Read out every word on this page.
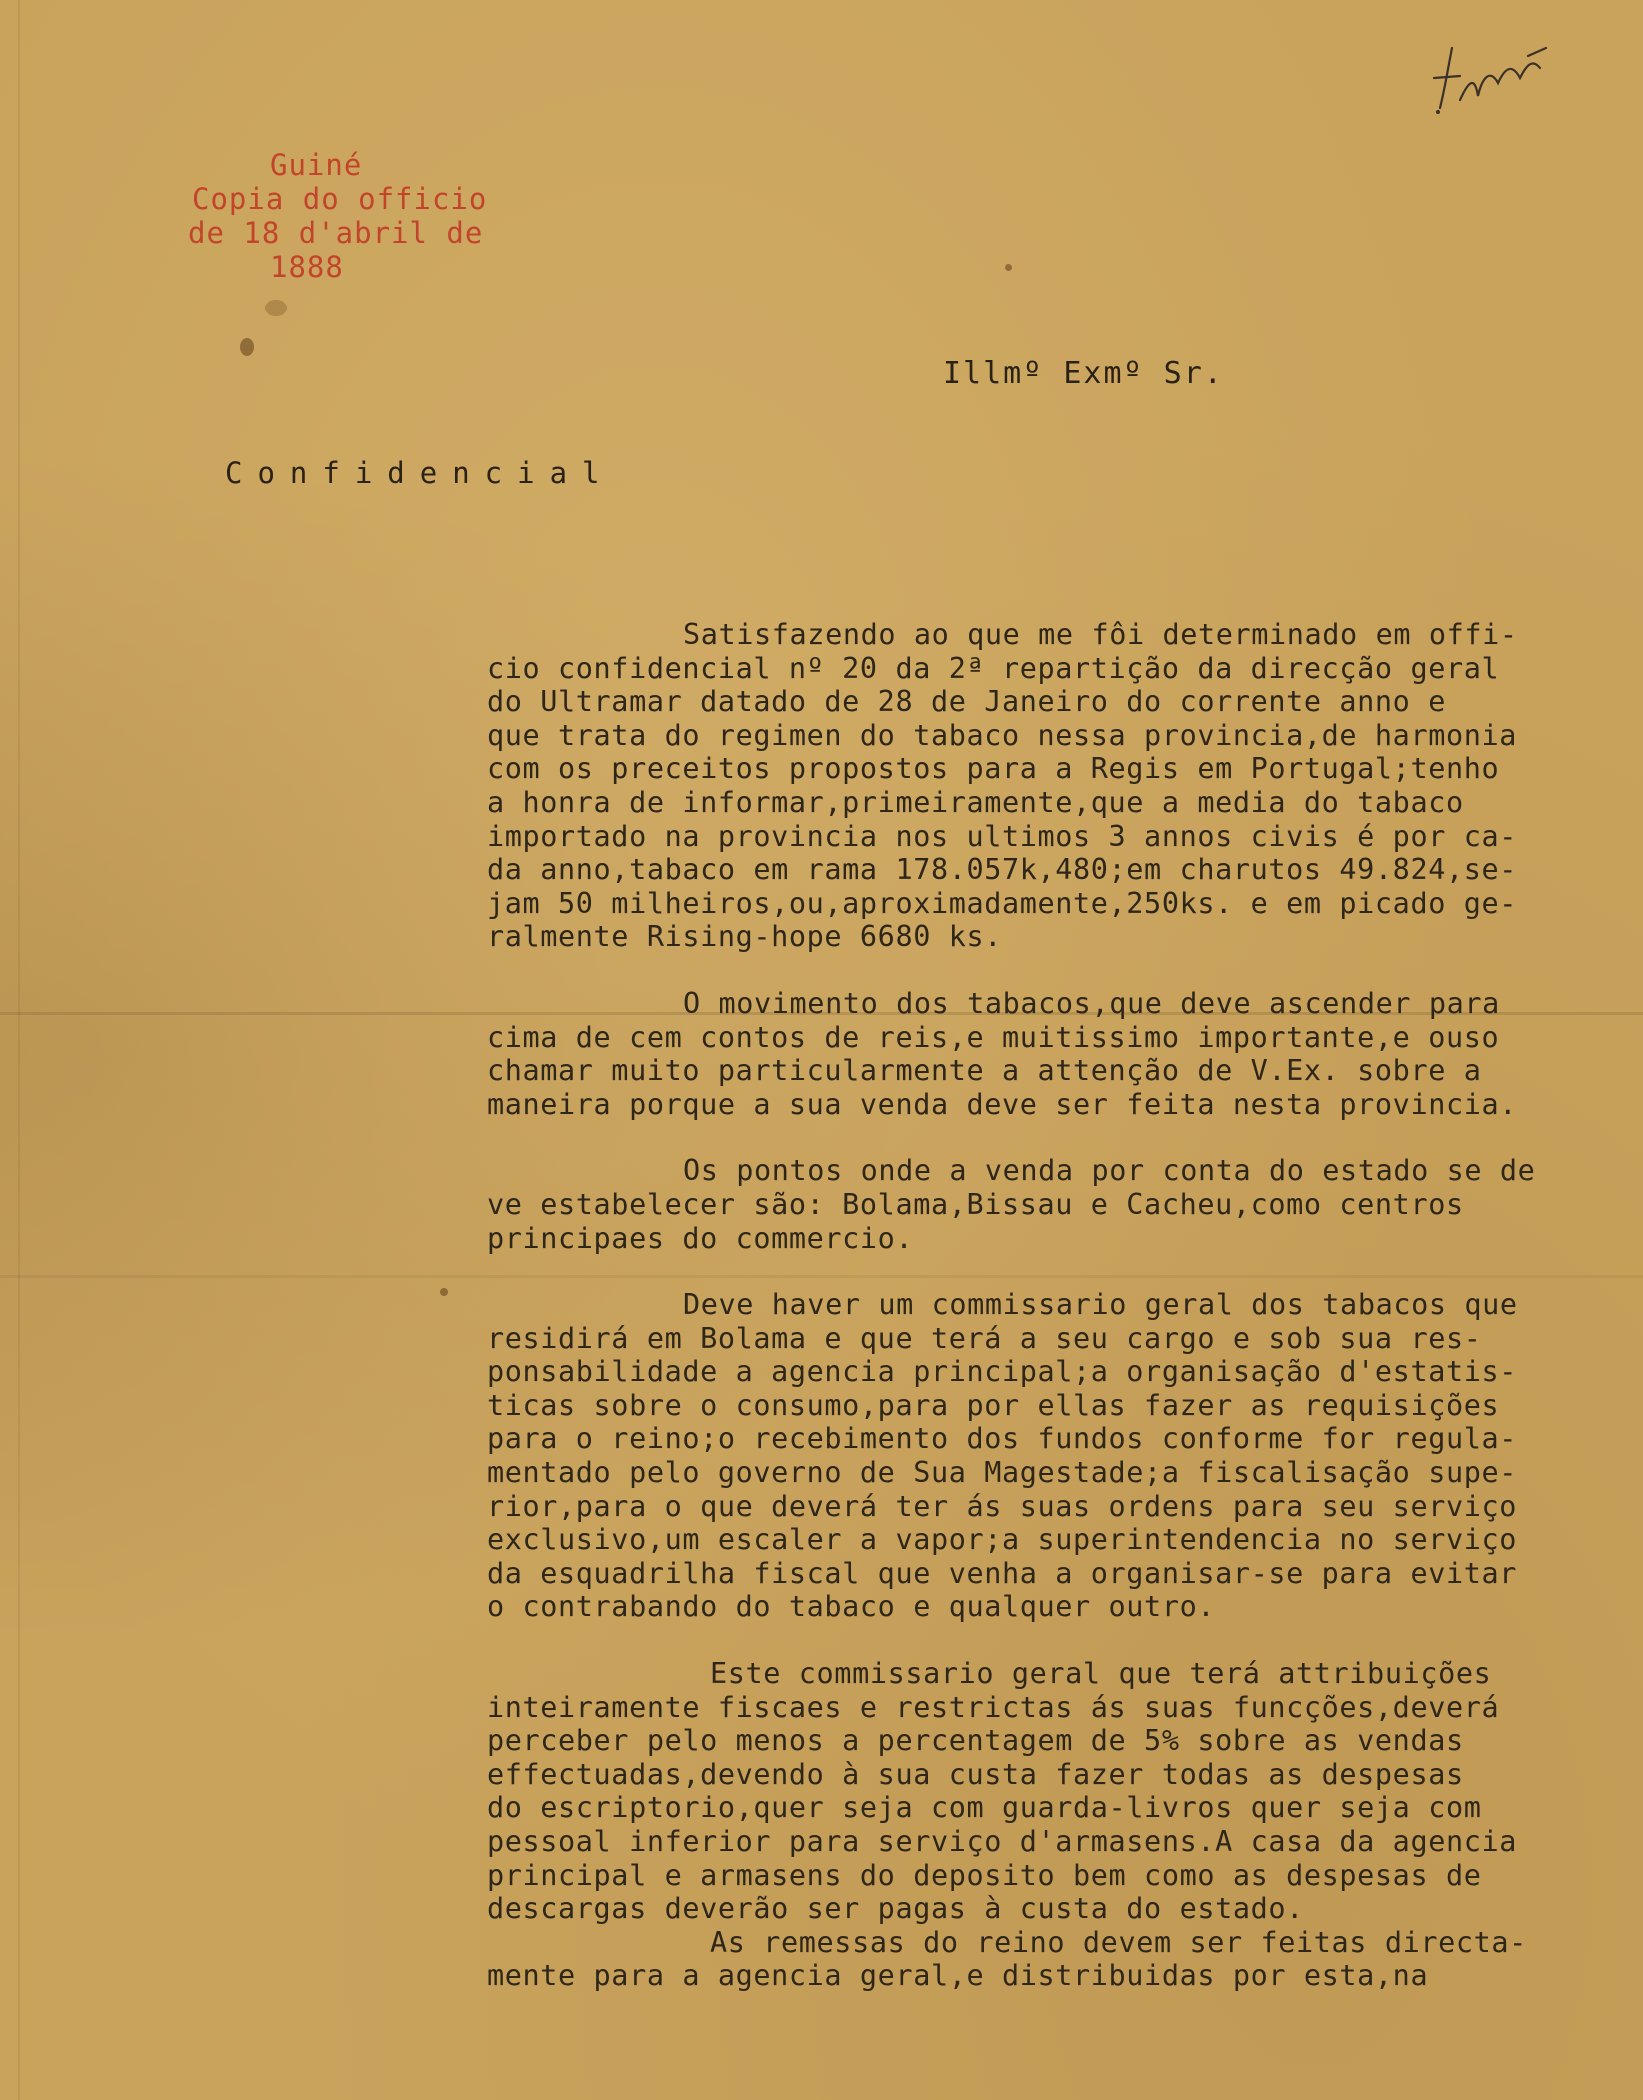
Guiné
Copia do officio
de 18 d'abril de
1888
Illmº Exmº Sr.
Confidencial
Satisfazendo ao que me fôi determinado em offi-
cio confidencial nº 20 da 2ª repartição da direcção geral
do Ultramar datado de 28 de Janeiro do corrente anno e
que trata do regimen do tabaco nessa provincia,de harmonia
com os preceitos propostos para a Regis em Portugal;tenho
a honra de informar,primeiramente,que a media do tabaco
importado na provincia nos ultimos 3 annos civis é por ca-
da anno,tabaco em rama 178.057k,480;em charutos 49.824,se-
jam 50 milheiros,ou,aproximadamente,250ks. e em picado ge-
ralmente Rising-hope 6680 ks.
O movimento dos tabacos,que deve ascender para
cima de cem contos de reis,e muitissimo importante,e ouso
chamar muito particularmente a attenção de V.Ex. sobre a
maneira porque a sua venda deve ser feita nesta provincia.
Os pontos onde a venda por conta do estado se de
ve estabelecer são: Bolama,Bissau e Cacheu,como centros
principaes do commercio.
Deve haver um commissario geral dos tabacos que
residirá em Bolama e que terá a seu cargo e sob sua res-
ponsabilidade a agencia principal;a organisação d'estatis-
ticas sobre o consumo,para por ellas fazer as requisições
para o reino;o recebimento dos fundos conforme for regula-
mentado pelo governo de Sua Magestade;a fiscalisação supe-
rior,para o que deverá ter ás suas ordens para seu serviço
exclusivo,um escaler a vapor;a superintendencia no serviço
da esquadrilha fiscal que venha a organisar-se para evitar
o contrabando do tabaco e qualquer outro.
Este commissario geral que terá attribuições
inteiramente fiscaes e restrictas ás suas funcções,deverá
perceber pelo menos a percentagem de 5% sobre as vendas
effectuadas,devendo à sua custa fazer todas as despesas
do escriptorio,quer seja com guarda-livros quer seja com
pessoal inferior para serviço d'armasens.A casa da agencia
principal e armasens do deposito bem como as despesas de
descargas deverão ser pagas à custa do estado.
As remessas do reino devem ser feitas directa-
mente para a agencia geral,e distribuidas por esta,na
